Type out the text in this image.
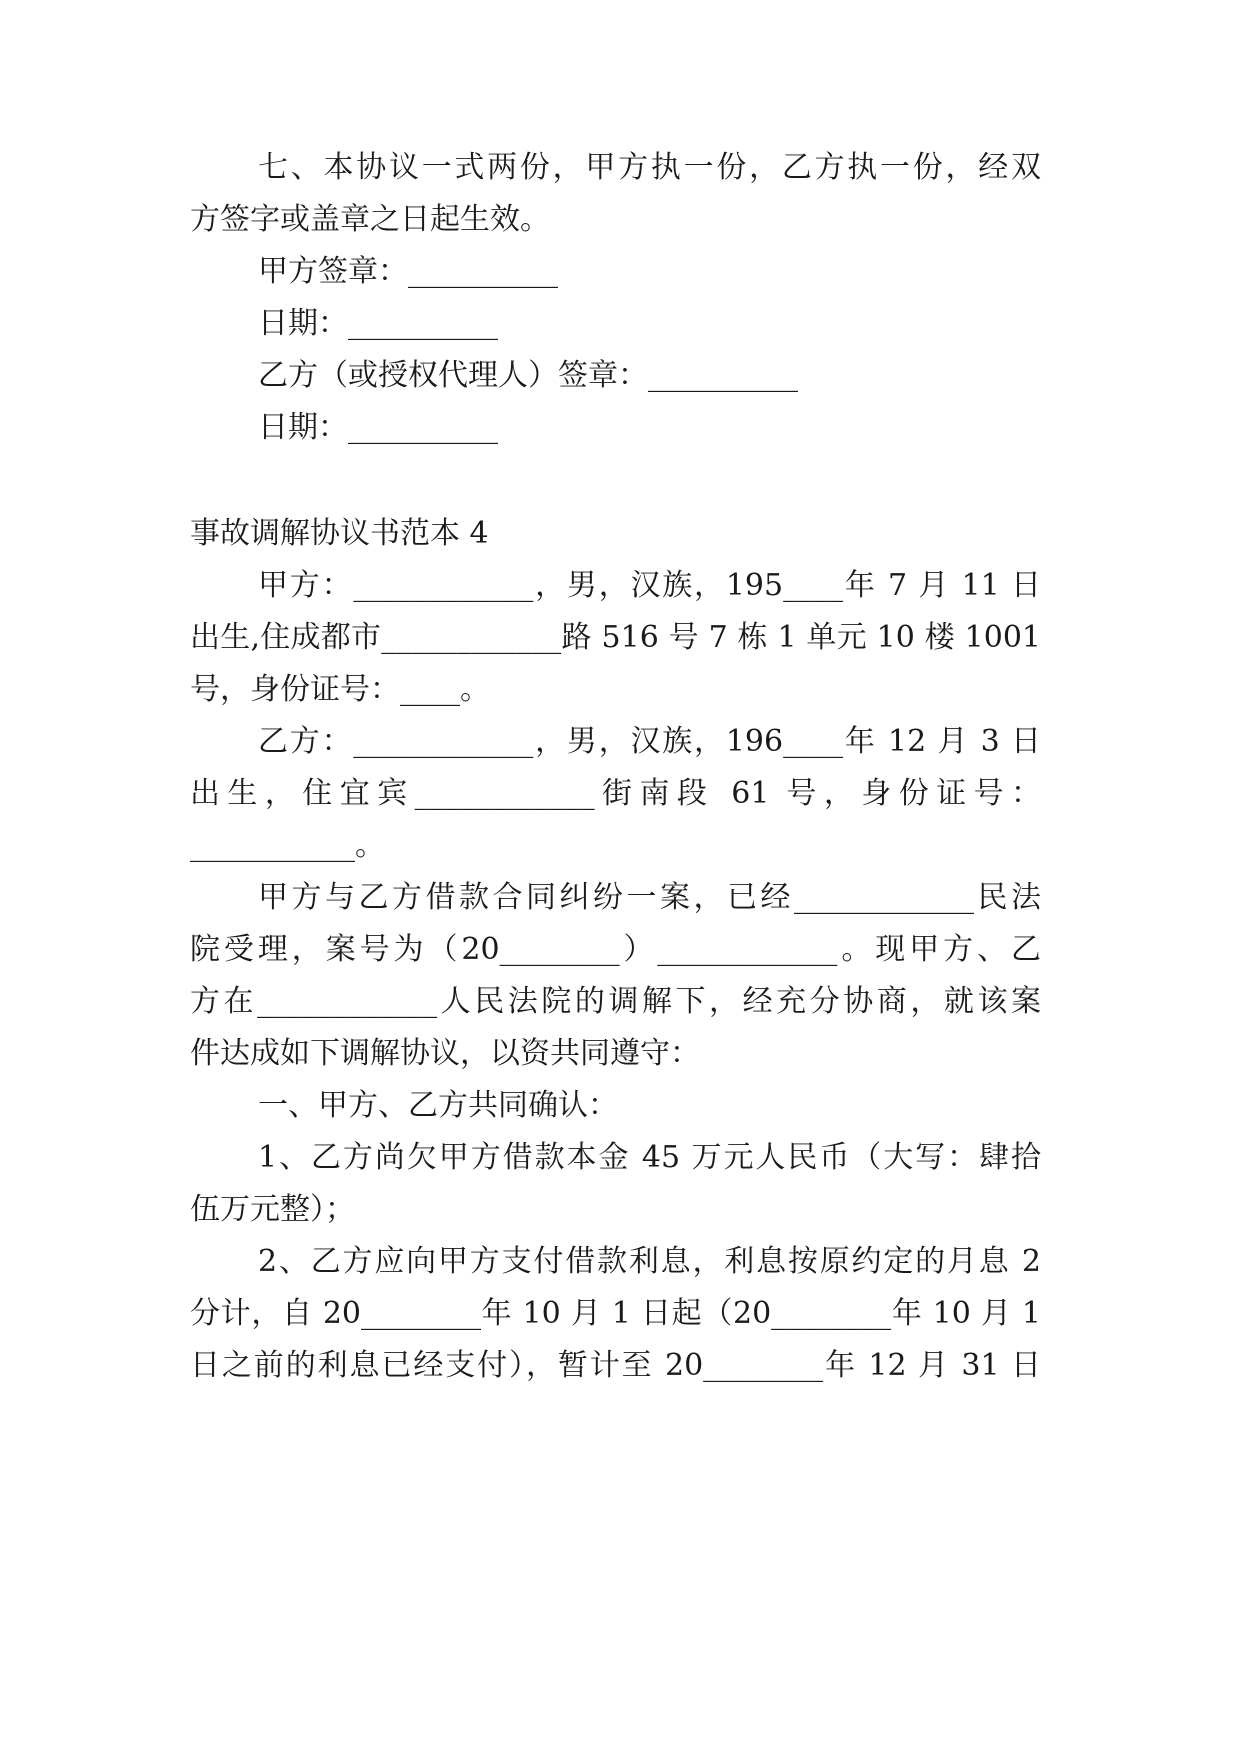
七、本协议一式两份，甲方执一份，乙方执一份，经双
方签字或盖章之日起生效。
甲方签章：__________
日期：__________
乙方（或授权代理人）签章：__________
日期：__________
事故调解协议书范本 4
甲方：____________，男，汉族，195____年 7 月 11 日
出生,住成都市____________路 516 号 7 栋 1 单元 10 楼 1001
号，身份证号：____。
乙方：____________，男，汉族，196____年 12 月 3 日
出生，住宜宾____________街南段 61 号，身份证号：
___________。
甲方与乙方借款合同纠纷一案，已经____________民法
院受理，案号为（20________）____________。现甲方、乙
方在____________人民法院的调解下，经充分协商，就该案
件达成如下调解协议，以资共同遵守：
一、甲方、乙方共同确认：
1、乙方尚欠甲方借款本金 45 万元人民币（大写：肆拾
伍万元整）；
2、乙方应向甲方支付借款利息，利息按原约定的月息 2
分计，自 20________年 10 月 1 日起（20________年 10 月 1
日之前的利息已经支付），暂计至 20________年 12 月 31 日
